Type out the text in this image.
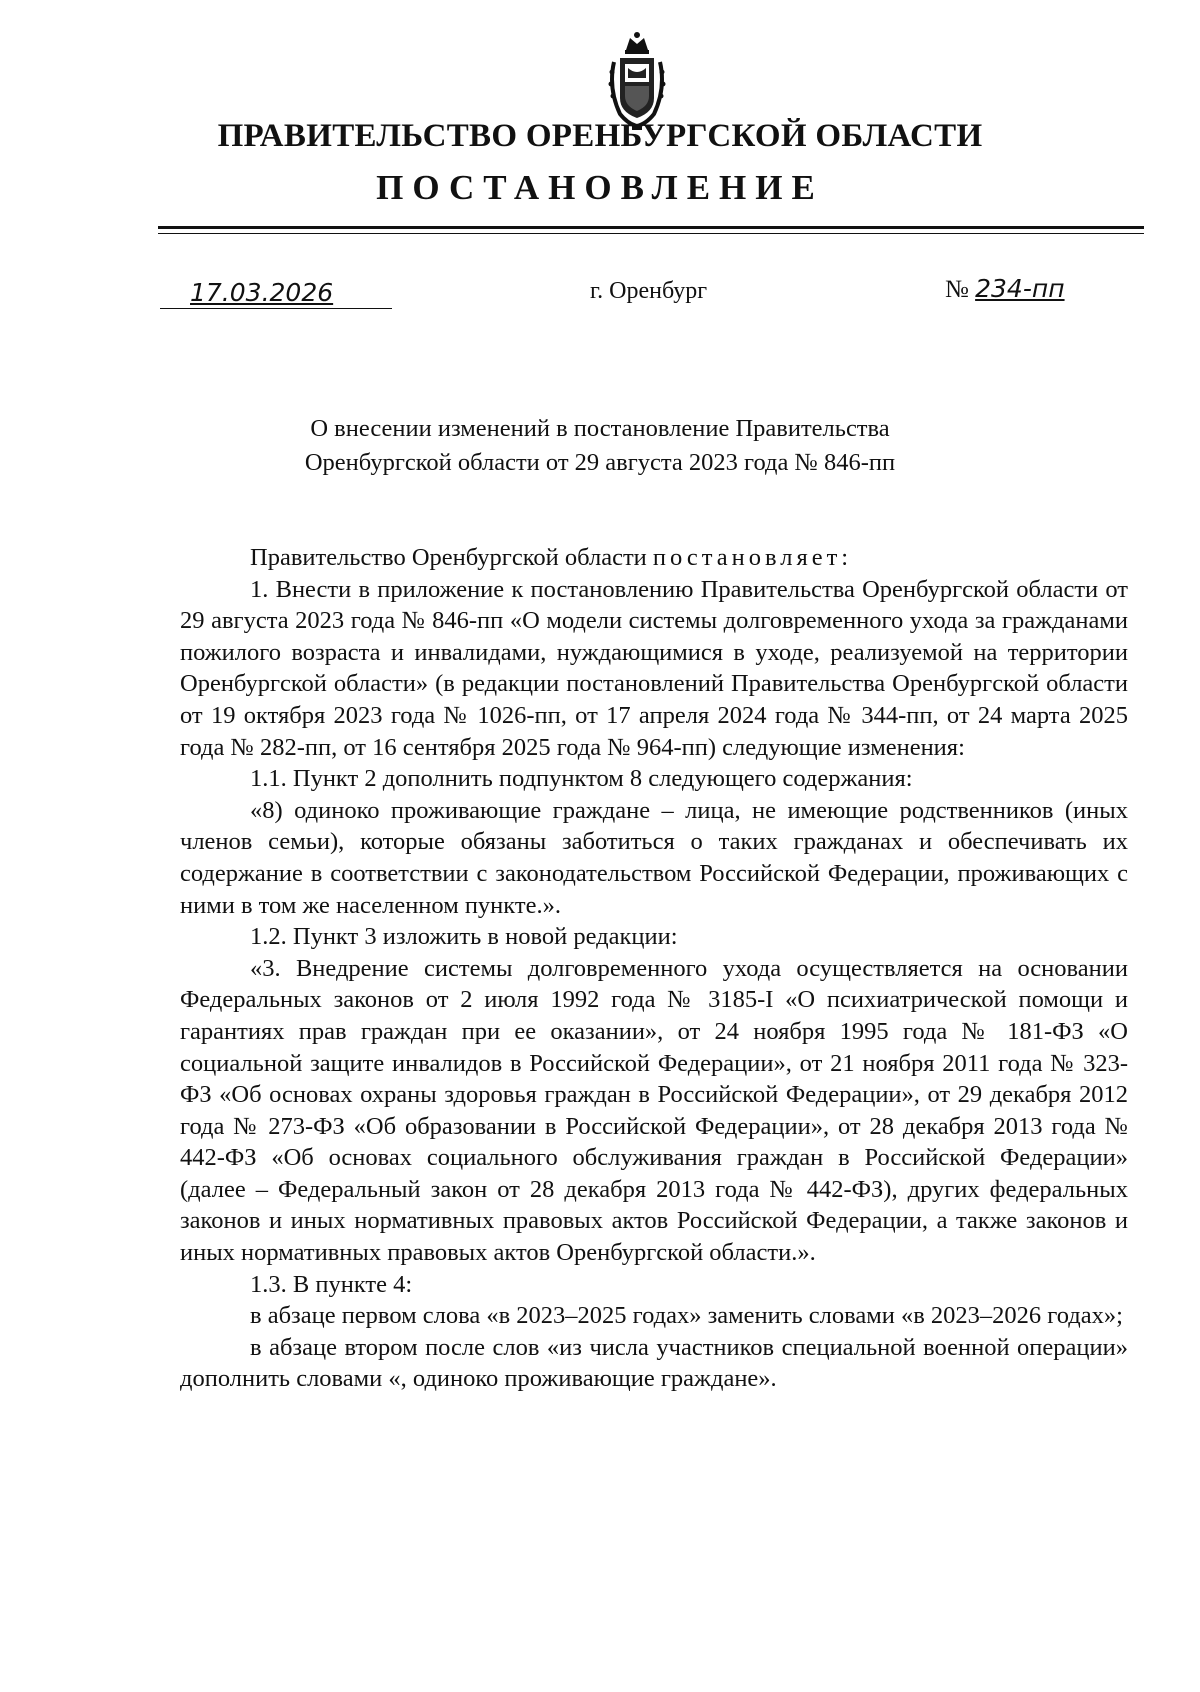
ПРАВИТЕЛЬСТВО ОРЕНБУРГСКОЙ ОБЛАСТИ
ПОСТАНОВЛЕНИЕ
17.03.2026	г. Оренбург	№ 234-пп
О внесении изменений в постановление Правительства
Оренбургской области от 29 августа 2023 года № 846-пп

Правительство Оренбургской области постановляет:

1. Внести в приложение к постановлению Правительства Оренбургской области от 29 августа 2023 года № 846-пп «О модели системы долговременного ухода за гражданами пожилого возраста и инвалидами, нуждающимися в уходе, реализуемой на территории Оренбургской области» (в редакции постановлений Правительства Оренбургской области от 19 октября 2023 года № 1026-пп, от 17 апреля 2024 года № 344-пп, от 24 марта 2025 года № 282-пп, от 16 сентября 2025 года № 964-пп) следующие изменения:

1.1. Пункт 2 дополнить подпунктом 8 следующего содержания:

«8) одиноко проживающие граждане – лица, не имеющие родственников (иных членов семьи), которые обязаны заботиться о таких гражданах и обеспечивать их содержание в соответствии с законодательством Российской Федерации, проживающих с ними в том же населенном пункте.».

1.2. Пункт 3 изложить в новой редакции:

«3. Внедрение системы долговременного ухода осуществляется на основании Федеральных законов от 2 июля 1992 года № 3185-I «О психиатрической помощи и гарантиях прав граждан при ее оказании», от 24 ноября 1995 года № 181-ФЗ «О социальной защите инвалидов в Российской Федерации», от 21 ноября 2011 года № 323-ФЗ «Об основах охраны здоровья граждан в Российской Федерации», от 29 декабря 2012 года № 273-ФЗ «Об образовании в Российской Федерации», от 28 декабря 2013 года № 442-ФЗ «Об основах социального обслуживания граждан в Российской Федерации» (далее – Федеральный закон от 28 декабря 2013 года № 442-ФЗ), других федеральных законов и иных нормативных правовых актов Российской Федерации, а также законов и иных нормативных правовых актов Оренбургской области.».

1.3. В пункте 4:

в абзаце первом слова «в 2023–2025 годах» заменить словами «в 2023–2026 годах»;

в абзаце втором после слов «из числа участников специальной военной операции» дополнить словами «, одиноко проживающие граждане».
